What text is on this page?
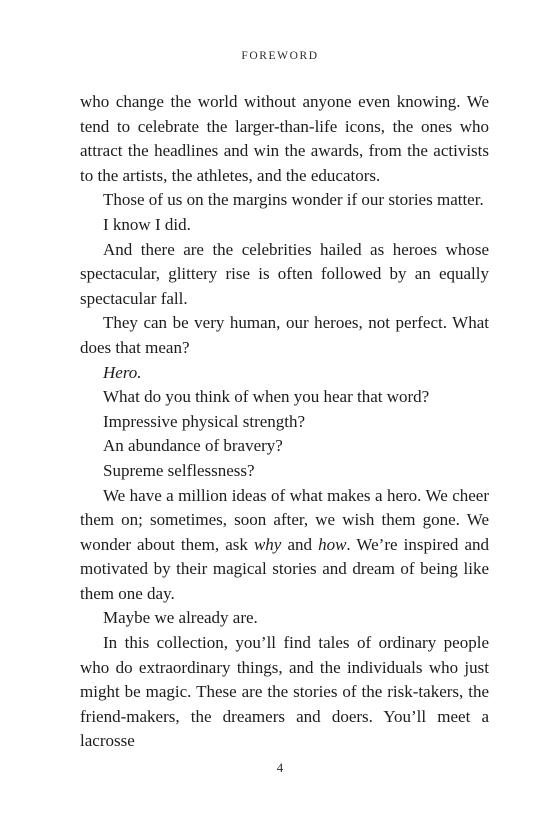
FOREWORD

who change the world without anyone even knowing. We tend to celebrate the larger-than-life icons, the ones who attract the headlines and win the awards, from the activists to the artists, the athletes, and the educators.

Those of us on the margins wonder if our stories matter.

I know I did.

And there are the celebrities hailed as heroes whose spectacular, glittery rise is often followed by an equally spectacular fall.

They can be very human, our heroes, not perfect. What does that mean?

Hero.

What do you think of when you hear that word?

Impressive physical strength?

An abundance of bravery?

Supreme selflessness?

We have a million ideas of what makes a hero. We cheer them on; sometimes, soon after, we wish them gone. We wonder about them, ask why and how. We’re inspired and motivated by their magical stories and dream of being like them one day.

Maybe we already are.

In this collection, you’ll find tales of ordinary people who do extraordinary things, and the individuals who just might be magic. These are the stories of the risk-takers, the friend-makers, the dreamers and doers. You’ll meet a lacrosse

4
